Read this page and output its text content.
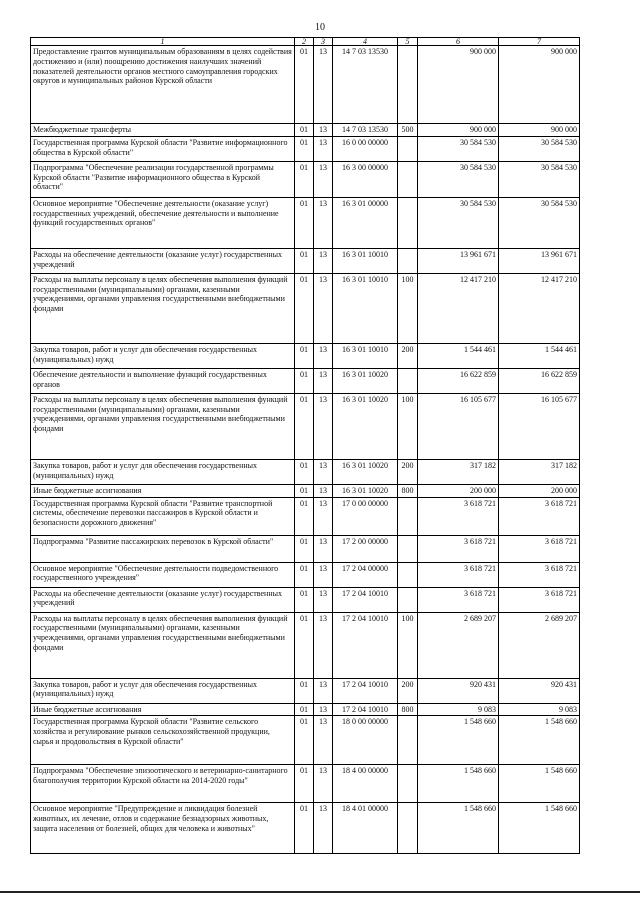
10
1	2	3	4	5	6	7
Предоставление грантов муниципальным образованиям в целях содействия достижению и (или) поощрению достижения наилучших значений показателей деятельности органов местного самоуправления городских округов и муниципальных районов Курской области	01	13	14 7 03 13530		900 000	900 000
Межбюджетные трансферты	01	13	14 7 03 13530	500	900 000	900 000
Государственная программа Курской области "Развитие информационного общества в Курской области"	01	13	16 0 00 00000		30 584 530	30 584 530
Подпрограмма "Обеспечение реализации государственной программы Курской области "Развитие информационного общества в Курской области"	01	13	16 3 00 00000		30 584 530	30 584 530
Основное мероприятие "Обеспечение деятельности (оказание услуг) государственных учреждений, обеспечение деятельности и выполнение функций государственных органов"	01	13	16 3 01 00000		30 584 530	30 584 530
Расходы на обеспечение деятельности (оказание услуг) государственных учреждений	01	13	16 3 01 10010		13 961 671	13 961 671
Расходы на выплаты персоналу в целях обеспечения выполнения функций государственными (муниципальными) органами, казенными учреждениями, органами управления государственными внебюджетными фондами	01	13	16 3 01 10010	100	12 417 210	12 417 210
Закупка товаров, работ и услуг для обеспечения государственных (муниципальных) нужд	01	13	16 3 01 10010	200	1 544 461	1 544 461
Обеспечение деятельности и выполнение функций государственных органов	01	13	16 3 01 10020		16 622 859	16 622 859
Расходы на выплаты персоналу в целях обеспечения выполнения функций государственными (муниципальными) органами, казенными учреждениями, органами управления государственными внебюджетными фондами	01	13	16 3 01 10020	100	16 105 677	16 105 677
Закупка товаров, работ и услуг для обеспечения государственных (муниципальных) нужд	01	13	16 3 01 10020	200	317 182	317 182
Иные бюджетные ассигнования	01	13	16 3 01 10020	800	200 000	200 000
Государственная программа Курской области "Развитие транспортной системы, обеспечение перевозки пассажиров в Курской области и безопасности дорожного движения"	01	13	17 0 00 00000		3 618 721	3 618 721
Подпрограмма "Развитие пассажирских перевозок в Курской области"	01	13	17 2 00 00000		3 618 721	3 618 721
Основное мероприятие "Обеспечение деятельности подведомственного государственного учреждения"	01	13	17 2 04 00000		3 618 721	3 618 721
Расходы на обеспечение деятельности (оказание услуг) государственных учреждений	01	13	17 2 04 10010		3 618 721	3 618 721
Расходы на выплаты персоналу в целях обеспечения выполнения функций государственными (муниципальными) органами, казенными учреждениями, органами управления государственными внебюджетными фондами	01	13	17 2 04 10010	100	2 689 207	2 689 207
Закупка товаров, работ и услуг для обеспечения государственных (муниципальных) нужд	01	13	17 2 04 10010	200	920 431	920 431
Иные бюджетные ассигнования	01	13	17 2 04 10010	800	9 083	9 083
Государственная программа Курской области "Развитие сельского хозяйства и регулирование рынков сельскохозяйственной продукции, сырья и продовольствия в Курской области"	01	13	18 0 00 00000		1 548 660	1 548 660
Подпрограмма "Обеспечение эпизоотического и ветеринарно-санитарного благополучия территории Курской области на 2014-2020 годы"	01	13	18 4 00 00000		1 548 660	1 548 660
Основное мероприятие "Предупреждение и ликвидация болезней животных, их лечение, отлов и содержание безнадзорных животных, защита населения от болезней, общих для человека и животных"	01	13	18 4 01 00000		1 548 660	1 548 660
